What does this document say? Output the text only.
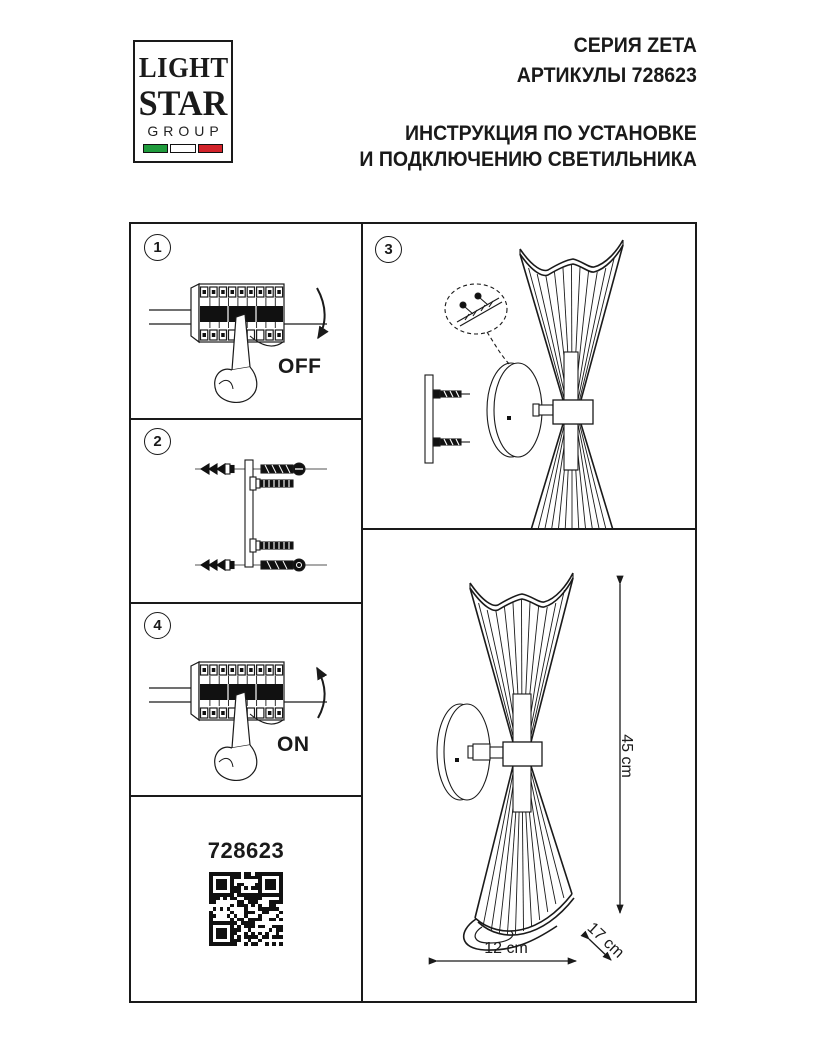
LIGHT
STAR
GROUP
СЕРИЯ ZETA
АРТИКУЛЫ 728623
ИНСТРУКЦИЯ ПО УСТАНОВКЕ
И ПОДКЛЮЧЕНИЮ СВЕТИЛЬНИКА
1
OFF
2
4
ON
728623
3
45 cm
12 cm	17 cm
